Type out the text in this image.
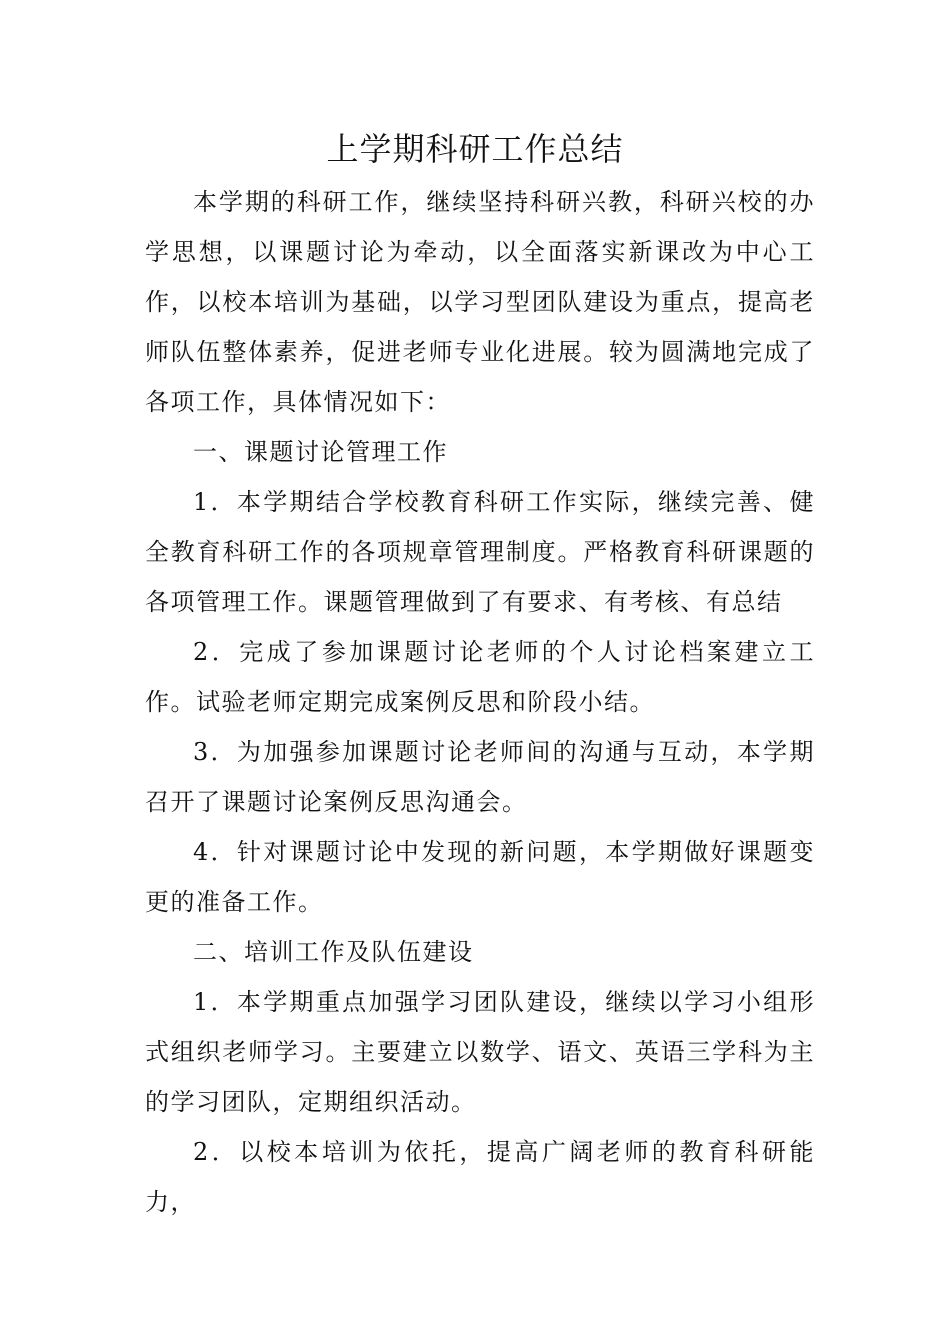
上学期科研工作总结

本学期的科研工作，继续坚持科研兴教，科研兴校的办学思想，以课题讨论为牵动，以全面落实新课改为中心工作，以校本培训为基础，以学习型团队建设为重点，提高老师队伍整体素养，促进老师专业化进展。较为圆满地完成了各项工作，具体情况如下：

一、课题讨论管理工作

1．本学期结合学校教育科研工作实际，继续完善、健全教育科研工作的各项规章管理制度。严格教育科研课题的各项管理工作。课题管理做到了有要求、有考核、有总结

2．完成了参加课题讨论老师的个人讨论档案建立工作。试验老师定期完成案例反思和阶段小结。

3．为加强参加课题讨论老师间的沟通与互动，本学期召开了课题讨论案例反思沟通会。

4．针对课题讨论中发现的新问题，本学期做好课题变更的准备工作。

二、培训工作及队伍建设

1．本学期重点加强学习团队建设，继续以学习小组形式组织老师学习。主要建立以数学、语文、英语三学科为主的学习团队，定期组织活动。

2．以校本培训为依托，提高广阔老师的教育科研能力，
